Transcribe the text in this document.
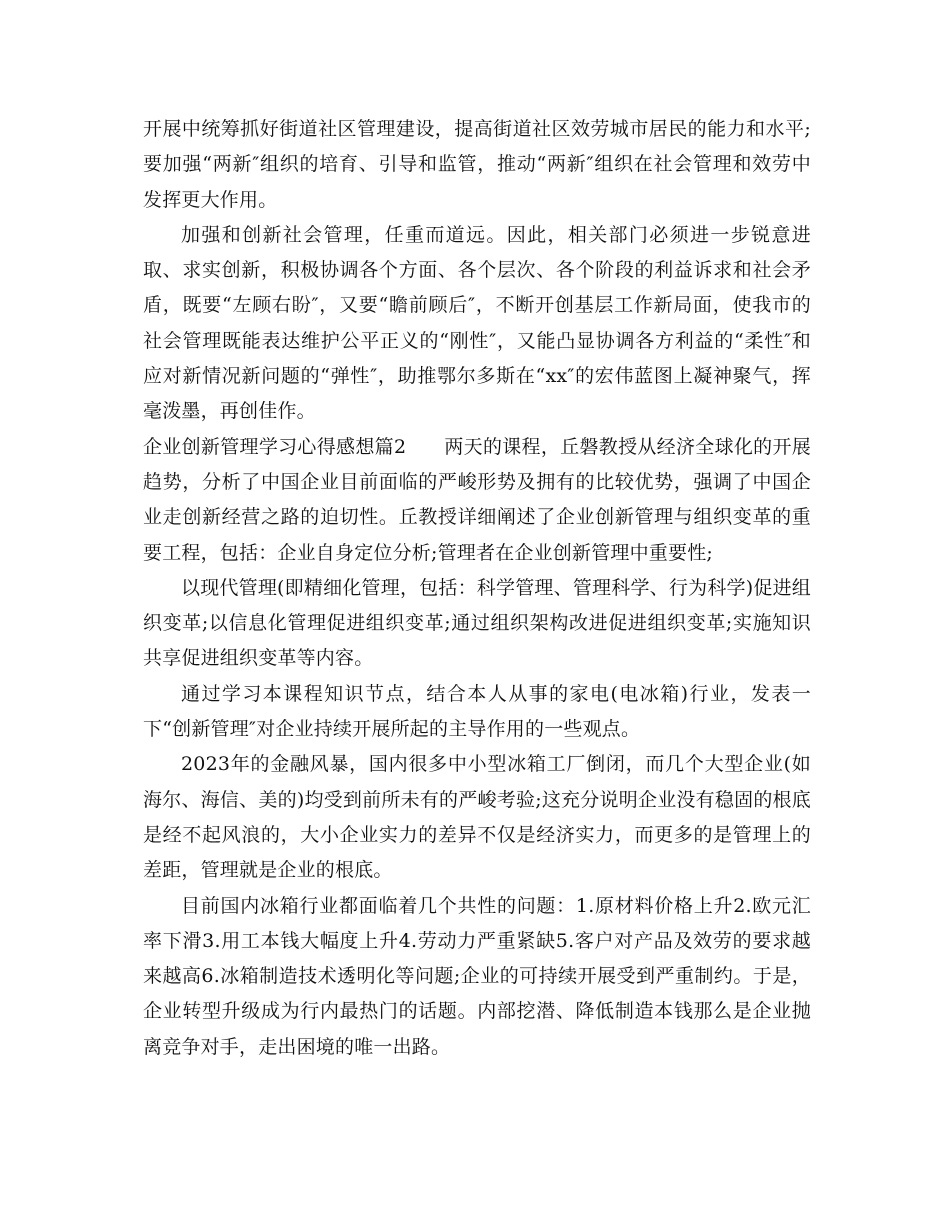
开展中统筹抓好街道社区管理建设，提高街道社区效劳城市居民的能力和水平;要加强“两新″组织的培育、引导和监管，推动“两新″组织在社会管理和效劳中发挥更大作用。

加强和创新社会管理，任重而道远。因此，相关部门必须进一步锐意进取、求实创新，积极协调各个方面、各个层次、各个阶段的利益诉求和社会矛盾，既要“左顾右盼″，又要“瞻前顾后″，不断开创基层工作新局面，使我市的社会管理既能表达维护公平正义的“刚性″，又能凸显协调各方利益的“柔性″和应对新情况新问题的“弹性″，助推鄂尔多斯在“xx″的宏伟蓝图上凝神聚气，挥毫泼墨，再创佳作。

企业创新管理学习心得感想篇2 两天的课程，丘磐教授从经济全球化的开展趋势，分析了中国企业目前面临的严峻形势及拥有的比较优势，强调了中国企业走创新经营之路的迫切性。丘教授详细阐述了企业创新管理与组织变革的重要工程，包括：企业自身定位分析;管理者在企业创新管理中重要性;

以现代管理(即精细化管理，包括：科学管理、管理科学、行为科学)促进组织变革;以信息化管理促进组织变革;通过组织架构改进促进组织变革;实施知识共享促进组织变革等内容。

通过学习本课程知识节点，结合本人从事的家电(电冰箱)行业，发表一下“创新管理″对企业持续开展所起的主导作用的一些观点。

2023年的金融风暴，国内很多中小型冰箱工厂倒闭，而几个大型企业(如海尔、海信、美的)均受到前所未有的严峻考验;这充分说明企业没有稳固的根底是经不起风浪的，大小企业实力的差异不仅是经济实力，而更多的是管理上的差距，管理就是企业的根底。

目前国内冰箱行业都面临着几个共性的问题：1.原材料价格上升2.欧元汇率下滑3.用工本钱大幅度上升4.劳动力严重紧缺5.客户对产品及效劳的要求越来越高6.冰箱制造技术透明化等问题;企业的可持续开展受到严重制约。于是，企业转型升级成为行内最热门的话题。内部挖潜、降低制造本钱那么是企业抛离竞争对手，走出困境的唯一出路。
